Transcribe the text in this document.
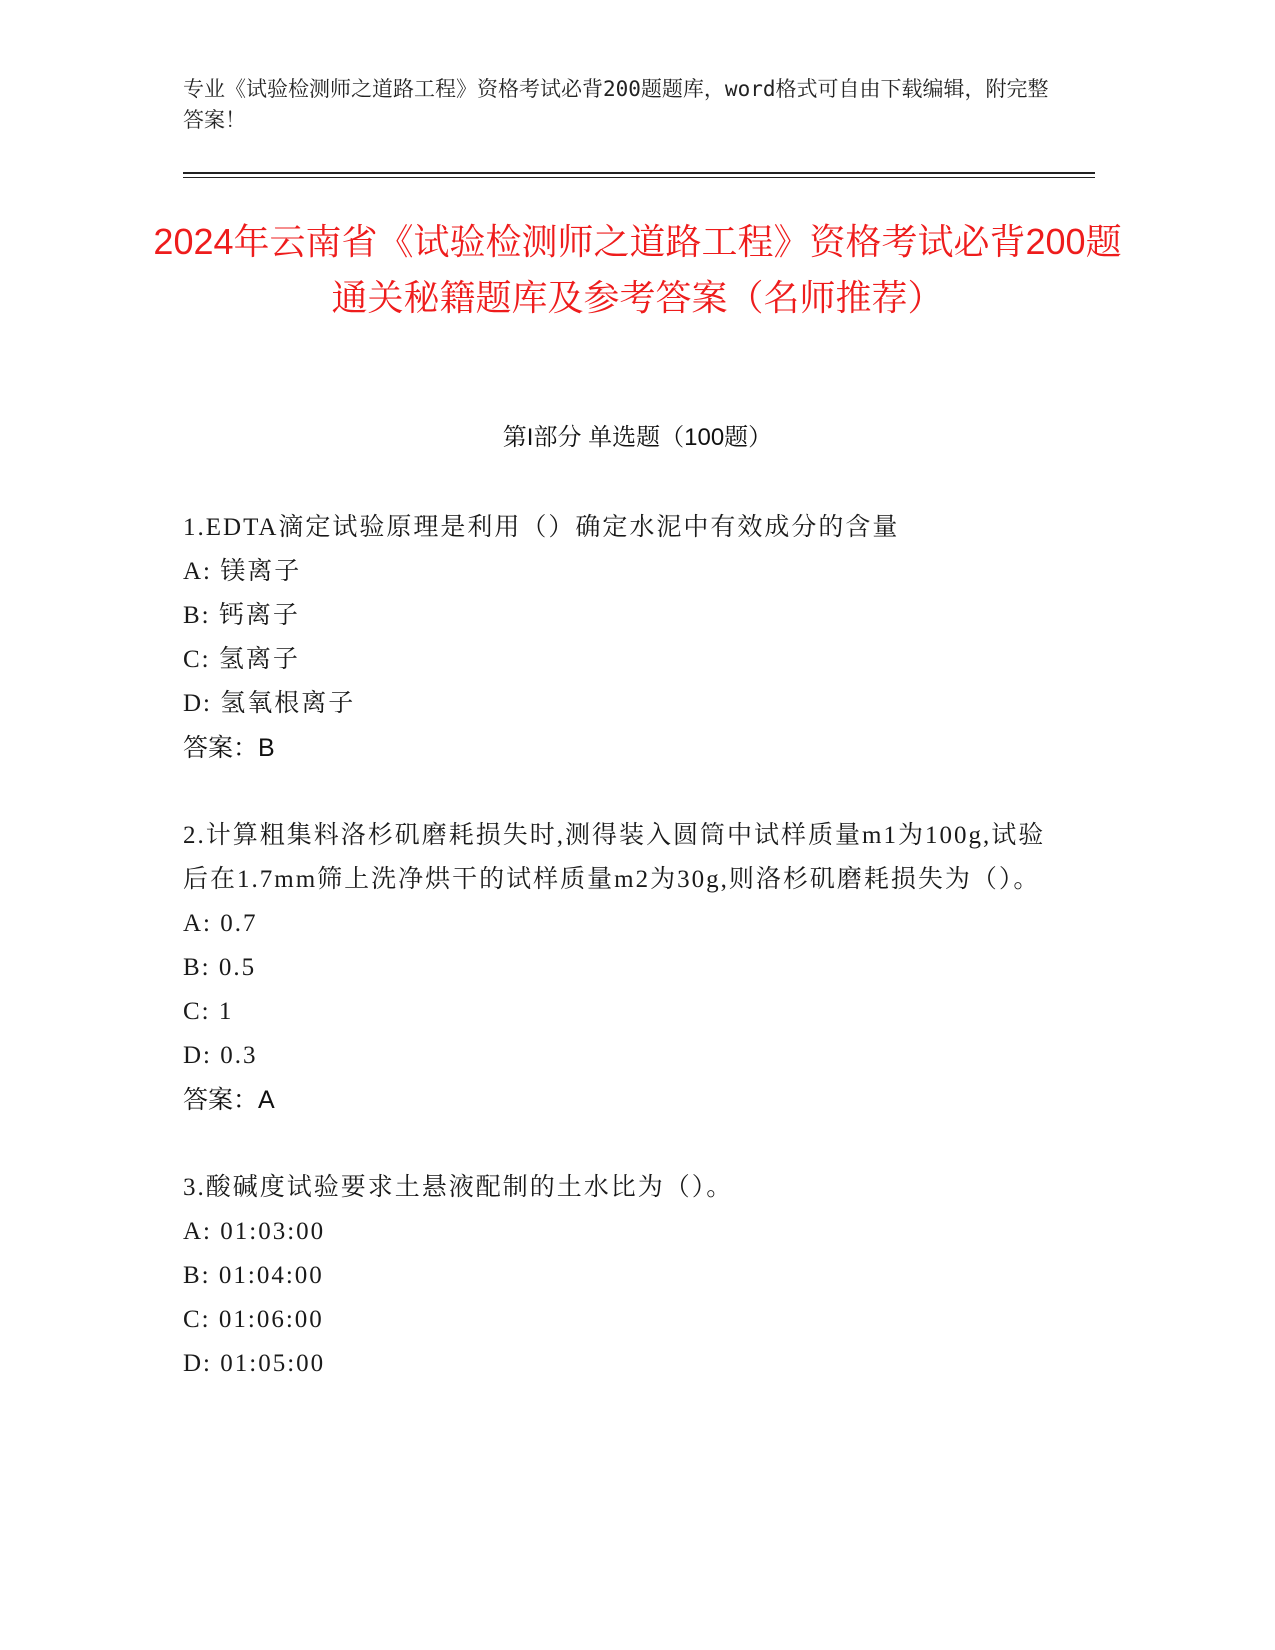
专业《试验检测师之道路工程》资格考试必背200题题库，word格式可自由下载编辑，附完整答案！
2024年云南省《试验检测师之道路工程》资格考试必背200题通关秘籍题库及参考答案（名师推荐）
第I部分 单选题（100题）

1.EDTA滴定试验原理是利用（）确定水泥中有效成分的含量

A: 镁离子

B: 钙离子

C: 氢离子

D: 氢氧根离子

答案：B

2.计算粗集料洛杉矶磨耗损失时,测得装入圆筒中试样质量m1为100g,试验后在1.7mm筛上洗净烘干的试样质量m2为30g,则洛杉矶磨耗损失为（）。

A: 0.7

B: 0.5

C: 1

D: 0.3

答案：A

3.酸碱度试验要求土悬液配制的土水比为（）。

A: 01:03:00

B: 01:04:00

C: 01:06:00

D: 01:05:00
